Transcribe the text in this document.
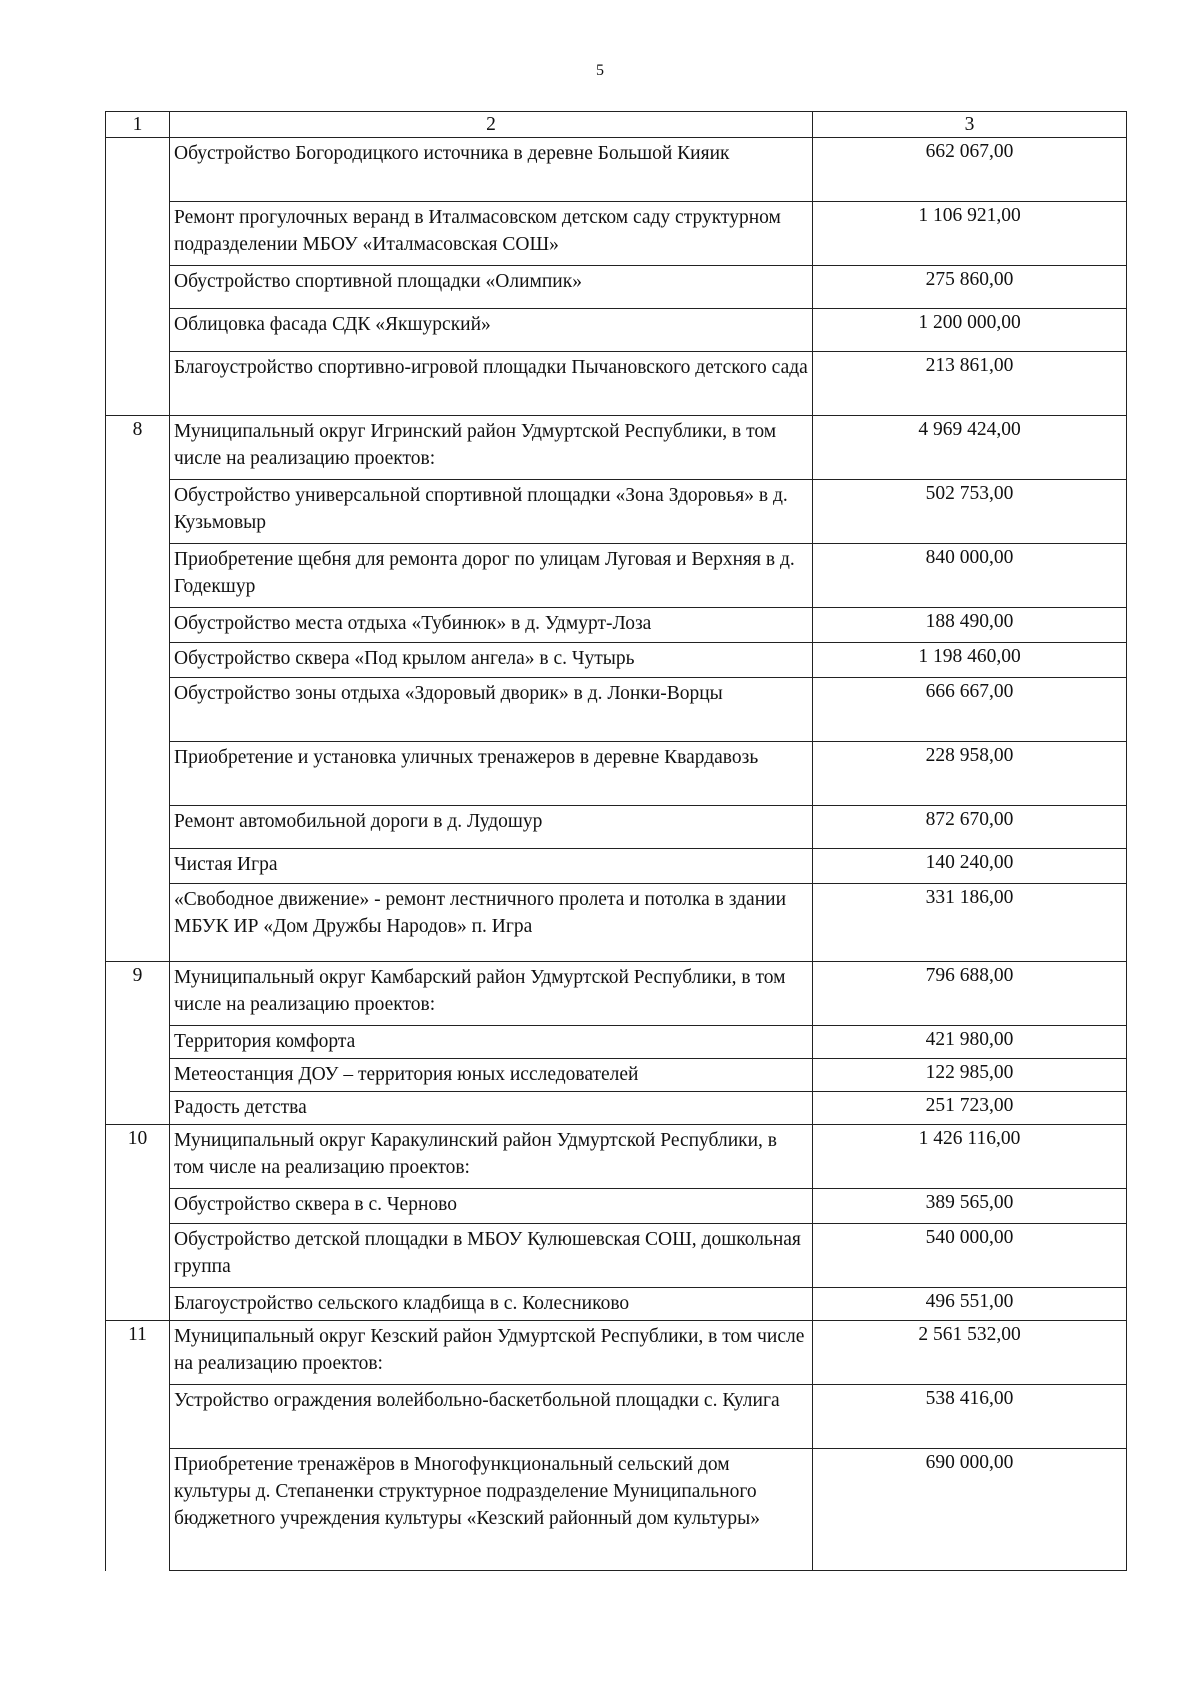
5
1	2	3

	Обустройство Богородицкого источника в деревне Большой Кияик	662 067,00

	Ремонт прогулочных веранд в Италмасовском детском саду структурном подразделении МБОУ «Италмасовская СОШ»	1 106 921,00

	Обустройство спортивной площадки «Олимпик»	275 860,00

	Облицовка фасада СДК «Якшурский»	1 200 000,00

	Благоустройство спортивно-игровой площадки Пычановского детского сада	213 861,00
8	Муниципальный округ Игринский район Удмуртской Республики, в том числе на реализацию проектов:	4 969 424,00

	Обустройство универсальной спортивной площадки «Зона Здоровья» в д. Кузьмовыр	502 753,00

	Приобретение щебня для ремонта дорог по улицам Луговая и Верхняя в д. Годекшур	840 000,00

	Обустройство места отдыха «Тубинюк» в д. Удмурт-Лоза	188 490,00

	Обустройство сквера «Под крылом ангела» в с. Чутырь	1 198 460,00

	Обустройство зоны отдыха «Здоровый дворик» в д. Лонки-Ворцы	666 667,00

	Приобретение и установка уличных тренажеров в деревне Квардавозь	228 958,00

	Ремонт автомобильной дороги в д. Лудошур	872 670,00

	Чистая Игра	140 240,00

	«Свободное движение» - ремонт лестничного пролета и потолка в здании МБУК ИР «Дом Дружбы Народов» п. Игра	331 186,00
9	Муниципальный округ Камбарский район Удмуртской Республики, в том числе на реализацию проектов:	796 688,00

	Территория комфорта	421 980,00

	Метеостанция ДОУ – территория юных исследователей	122 985,00

	Радость детства	251 723,00
10	Муниципальный округ Каракулинский район Удмуртской Республики, в том числе на реализацию проектов:	1 426 116,00

	Обустройство сквера в с. Черново	389 565,00

	Обустройство детской площадки в МБОУ Кулюшевская СОШ, дошкольная группа	540 000,00

	Благоустройство сельского кладбища в с. Колесниково	496 551,00
11	Муниципальный округ Кезский район Удмуртской Республики, в том числе на реализацию проектов:	2 561 532,00

	Устройство ограждения волейбольно-баскетбольной площадки с. Кулига	538 416,00

	Приобретение тренажёров в Многофункциональный сельский дом культуры д. Степаненки структурное подразделение Муниципального бюджетного учреждения культуры «Кезский районный дом культуры»	690 000,00
